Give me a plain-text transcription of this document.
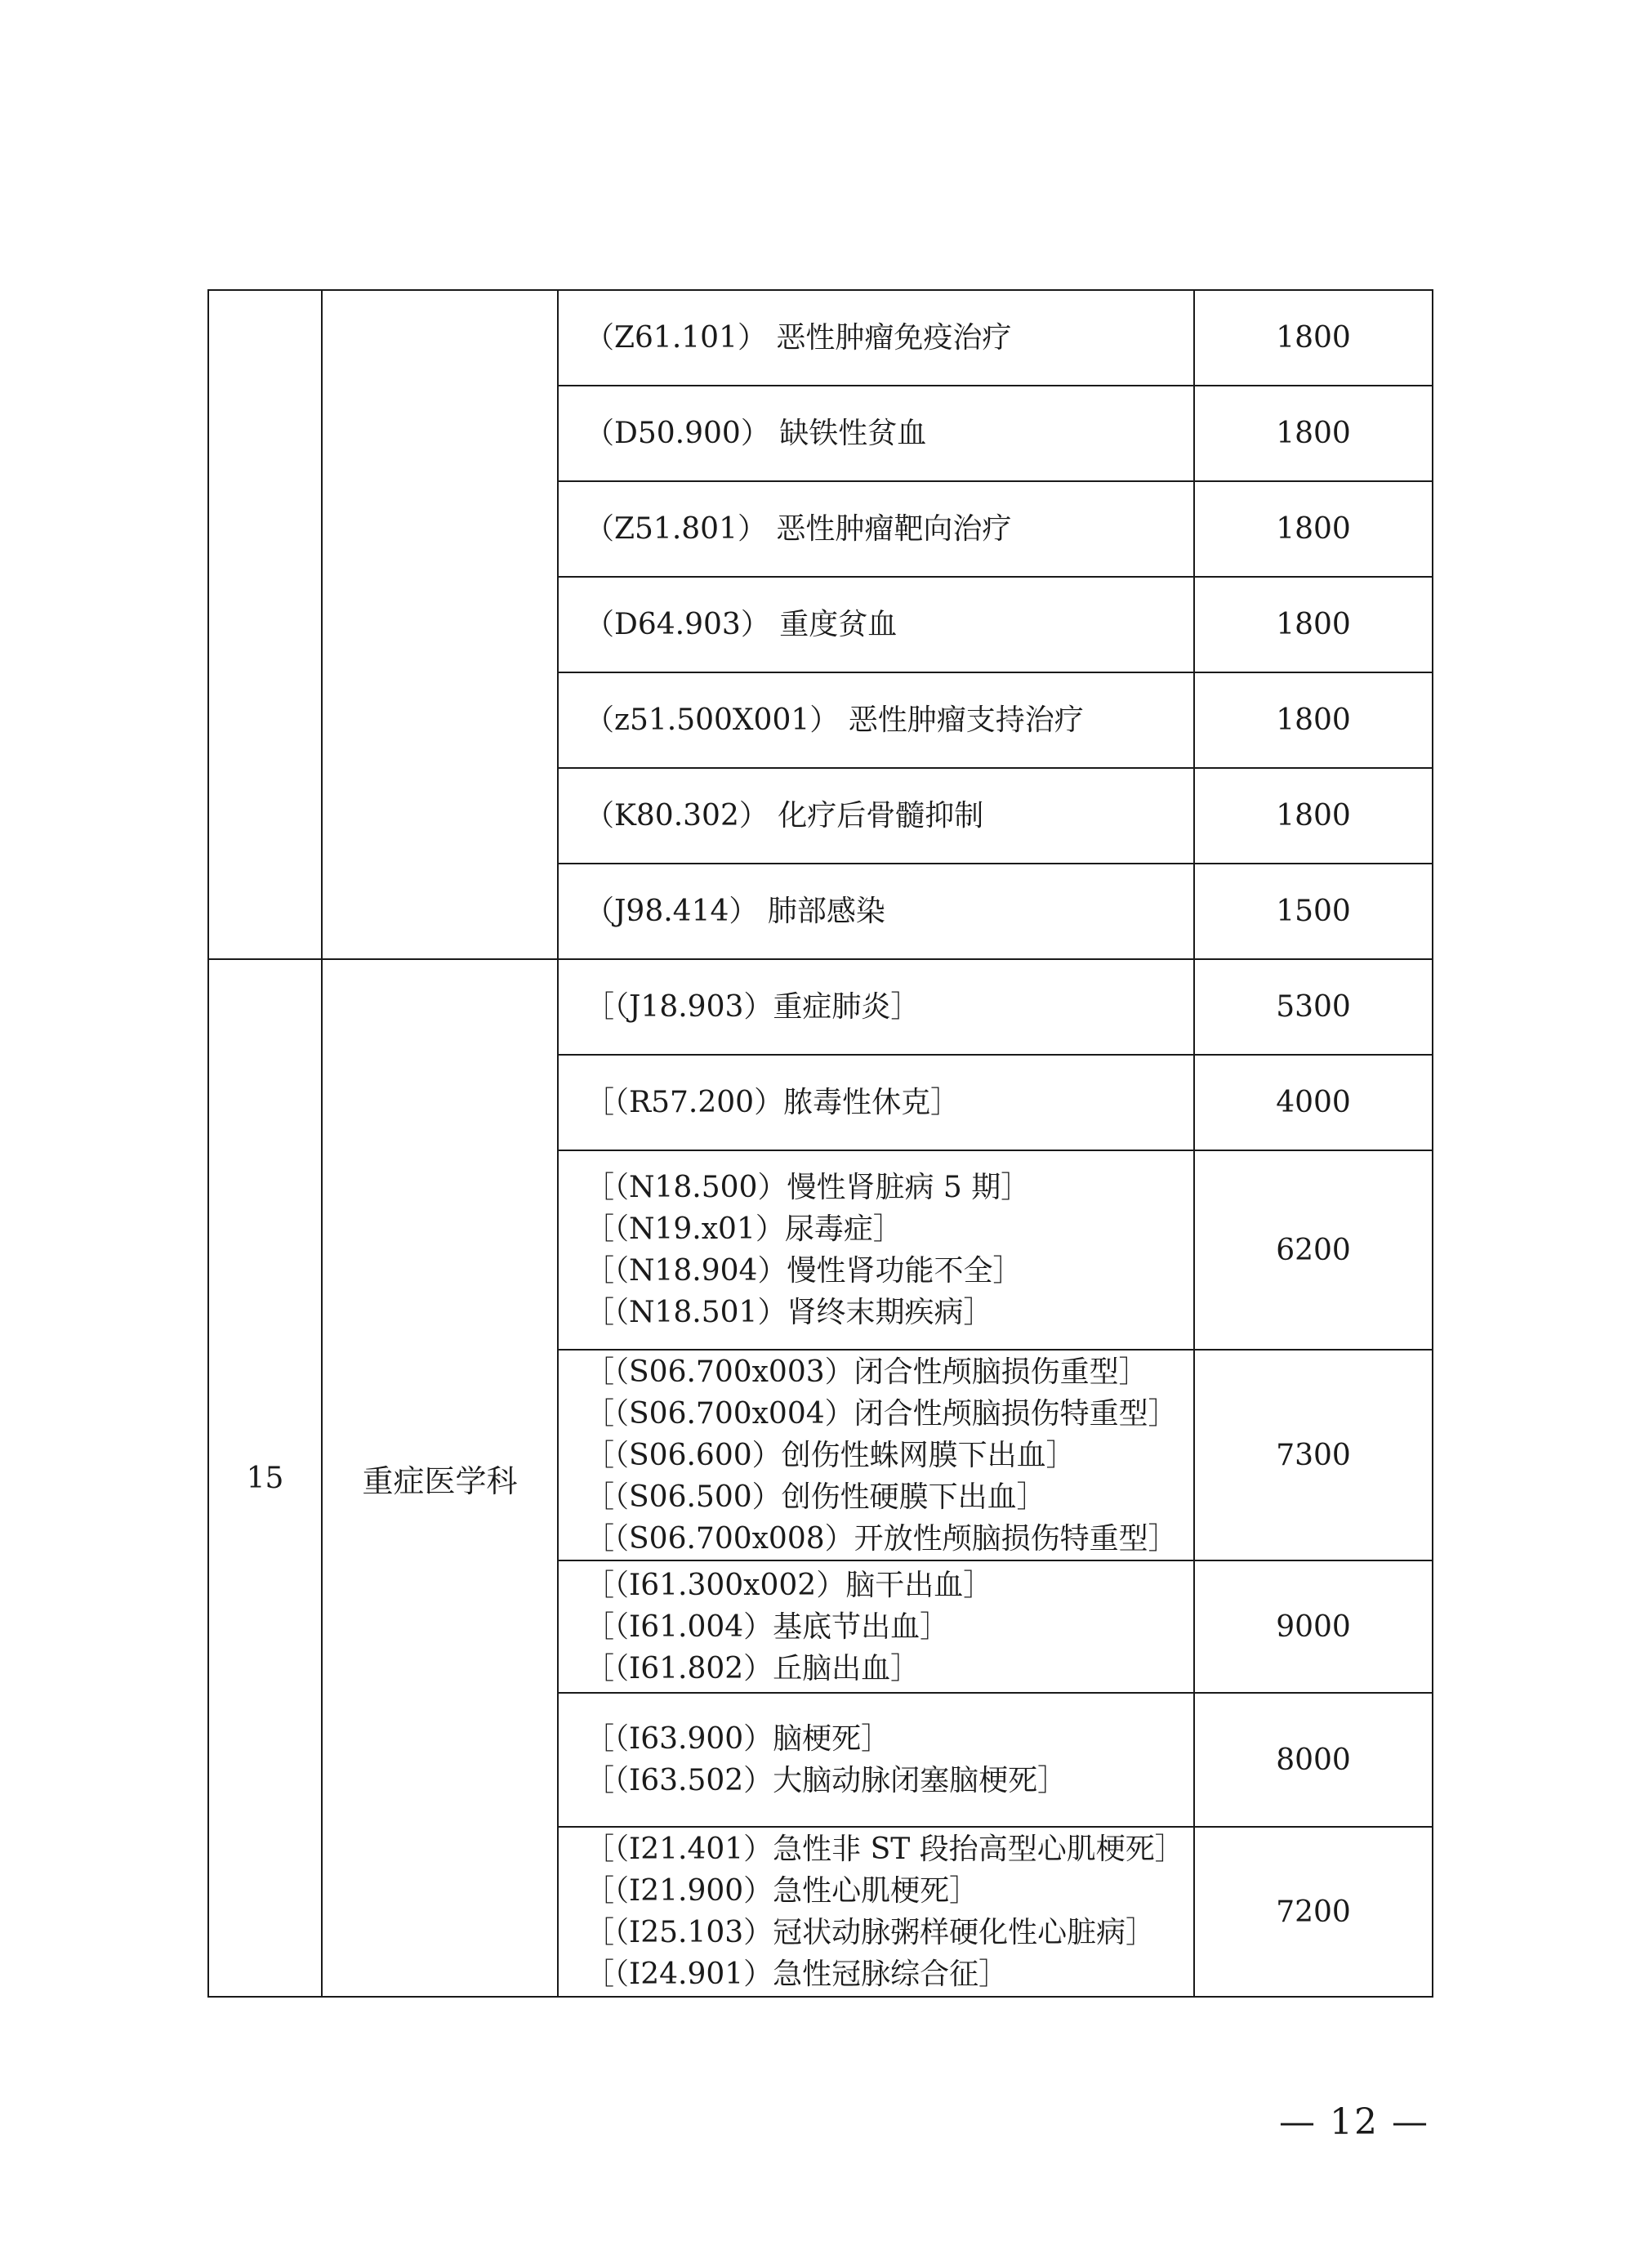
		（Z61.101） 恶性肿瘤免疫治疗	1800

		（D50.900） 缺铁性贫血	1800

		（Z51.801） 恶性肿瘤靶向治疗	1800

		（D64.903） 重度贫血	1800

		（z51.500X001） 恶性肿瘤支持治疗	1800

		（K80.302） 化疗后骨髓抑制	1800

		（J98.414） 肺部感染	1500
15	重症医学科	［（J18.903）重症肺炎］	5300

		［（R57.200）脓毒性休克］	4000

		［（N18.500）慢性肾脏病 5 期］
［（N19.x01）尿毒症］
［（N18.904）慢性肾功能不全］
［（N18.501）肾终末期疾病］	6200

		［（S06.700x003）闭合性颅脑损伤重型］
［（S06.700x004）闭合性颅脑损伤特重型］
［（S06.600）创伤性蛛网膜下出血］
［（S06.500）创伤性硬膜下出血］
［（S06.700x008）开放性颅脑损伤特重型］	7300

		［（I61.300x002）脑干出血］
［（I61.004）基底节出血］
［（I61.802）丘脑出血］	9000

		［（I63.900）脑梗死］
［（I63.502）大脑动脉闭塞脑梗死］	8000

		［（I21.401）急性非 ST 段抬高型心肌梗死］
［（I21.900）急性心肌梗死］
［（I25.103）冠状动脉粥样硬化性心脏病］
［（I24.901）急性冠脉综合征］	7200
— 12 —
